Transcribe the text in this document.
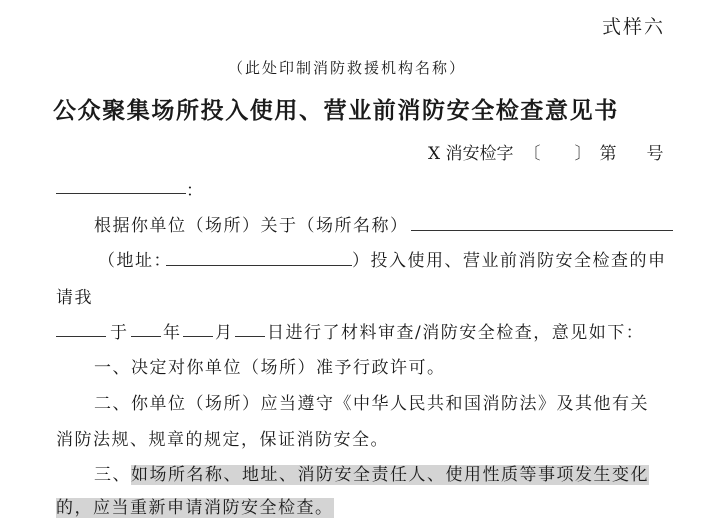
式样六
（此处印制消防救援机构名称）
公众聚集场所投入使用、营业前消防安全检查意见书
X 消安检字 〔 〕 第 号
：
根据你单位（场所）关于（场所名称）
（地址：	）投入使用、营业前消防安全检查的申
请我
于 年 月 日进行了材料审查/消防安全检查，意见如下：
一、决定对你单位（场所）准予行政许可。
二、你单位（场所）应当遵守《中华人民共和国消防法》及其他有关
消防法规、规章的规定，保证消防安全。
三、如场所名称、地址、消防安全责任人、使用性质等事项发生变化
的，应当重新申请消防安全检查。
